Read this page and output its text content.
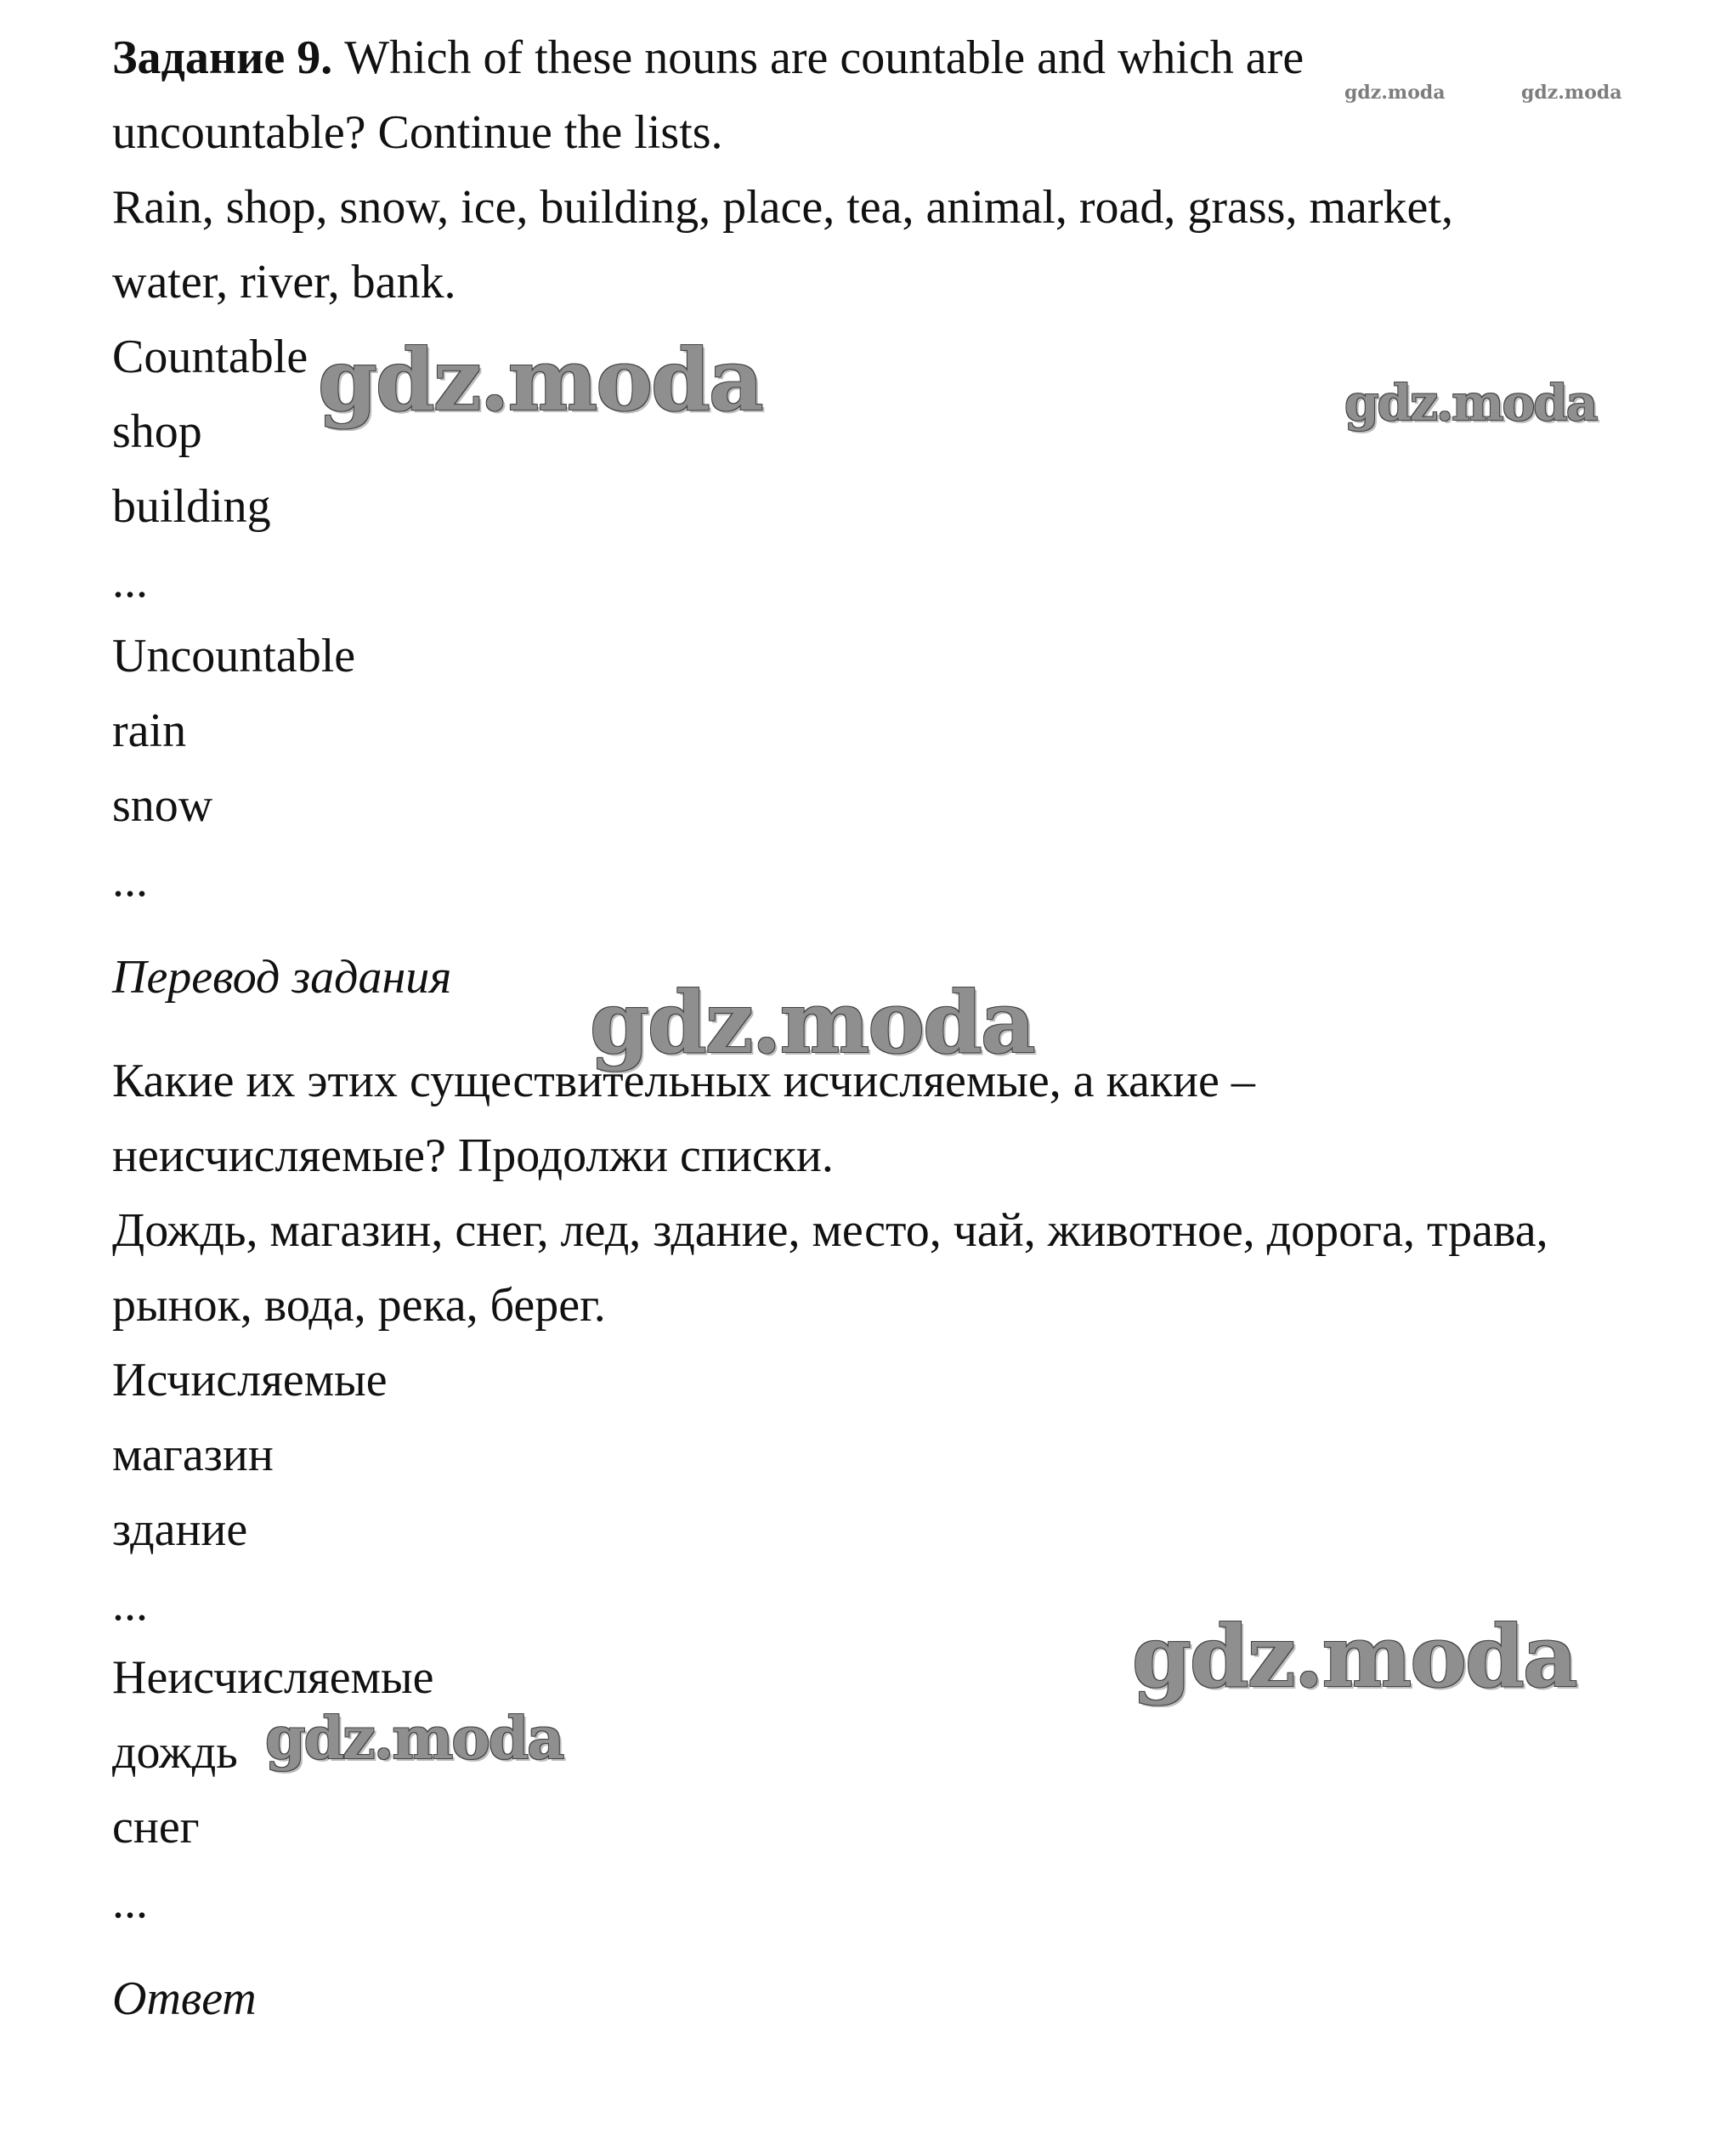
Задание 9. Which of these nouns are countable and which are
uncountable? Continue the lists.
Rain, shop, snow, ice, building, place, tea, animal, road, grass, market,
water, river, bank.
Countable
shop
building
...
Uncountable
rain
snow
...
Перевод задания
Какие их этих существительных исчисляемые, а какие –
неисчисляемые? Продолжи списки.
Дождь, магазин, снег, лед, здание, место, чай, животное, дорога, трава,
рынок, вода, река, берег.
Исчисляемые
магазин
здание
...
Неисчисляемые
дождь
снег
...
Ответ
gdz.moda	gdz.moda
gdz.moda	gdz.moda
gdz.moda
gdz.moda
gdz.moda
